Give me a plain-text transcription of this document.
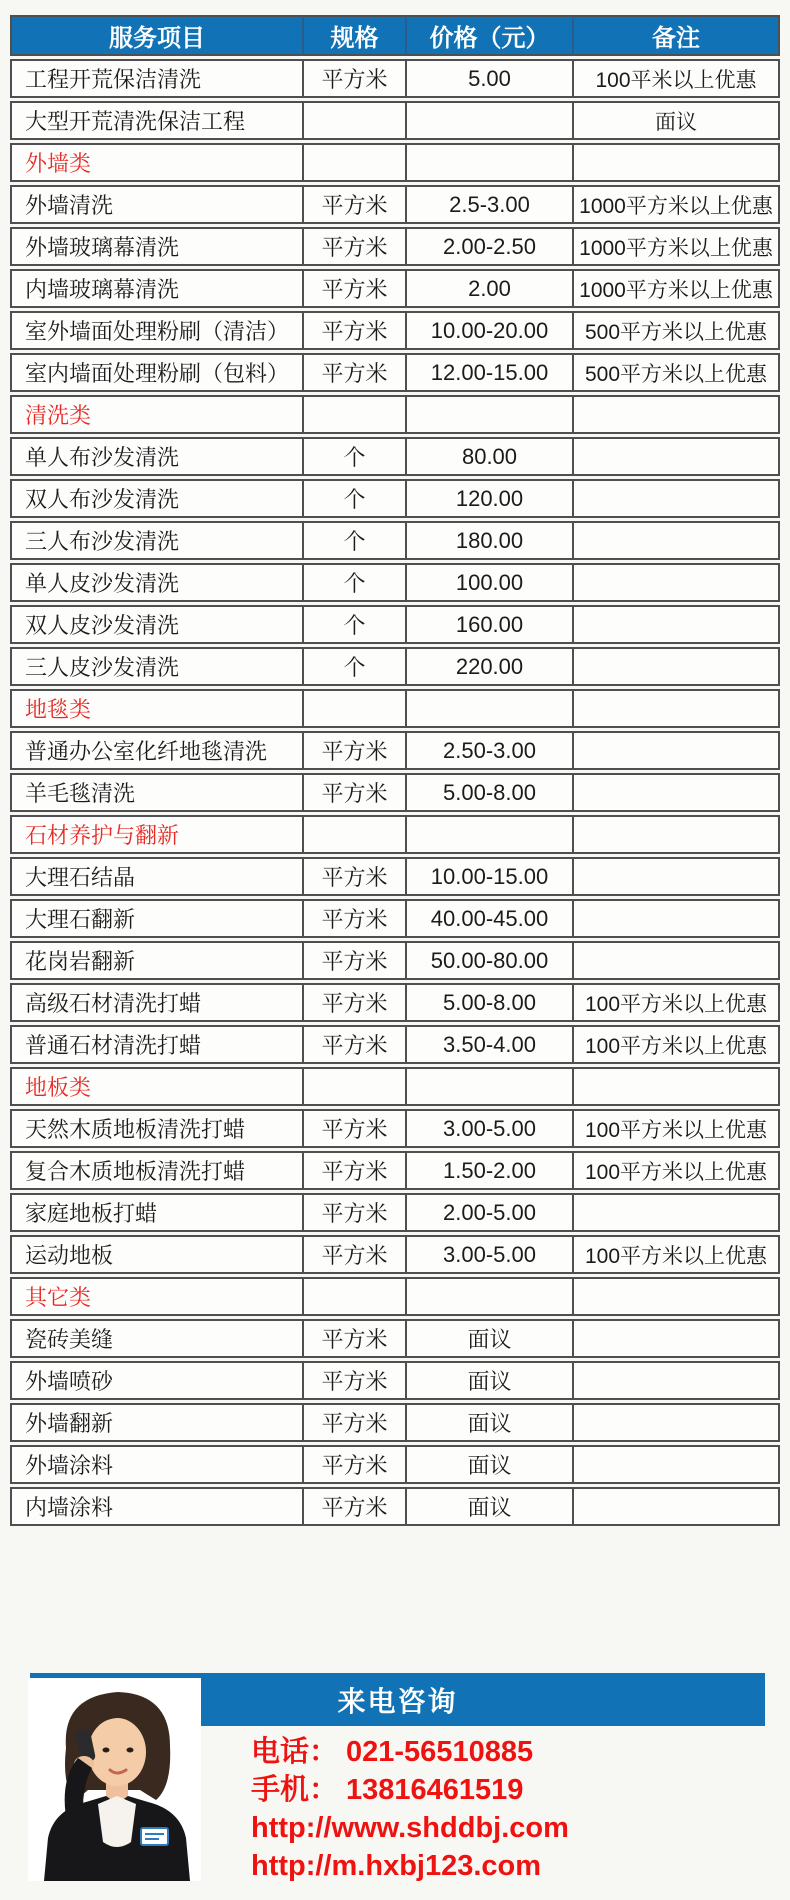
服务项目	规格	价格（元）	备注
工程开荒保洁清洗	平方米	5.00	100平米以上优惠
大型开荒清洗保洁工程			面议
外墙类			
外墙清洗	平方米	2.5-3.00	1000平方米以上优惠
外墙玻璃幕清洗	平方米	2.00-2.50	1000平方米以上优惠
内墙玻璃幕清洗	平方米	2.00	1000平方米以上优惠
室外墙面处理粉刷（清洁）	平方米	10.00-20.00	500平方米以上优惠
室内墙面处理粉刷（包料）	平方米	12.00-15.00	500平方米以上优惠
清洗类			
单人布沙发清洗	个	80.00	
双人布沙发清洗	个	120.00	
三人布沙发清洗	个	180.00	
单人皮沙发清洗	个	100.00	
双人皮沙发清洗	个	160.00	
三人皮沙发清洗	个	220.00	
地毯类			
普通办公室化纤地毯清洗	平方米	2.50-3.00	
羊毛毯清洗	平方米	5.00-8.00	
石材养护与翻新			
大理石结晶	平方米	10.00-15.00	
大理石翻新	平方米	40.00-45.00	
花岗岩翻新	平方米	50.00-80.00	
高级石材清洗打蜡	平方米	5.00-8.00	100平方米以上优惠
普通石材清洗打蜡	平方米	3.50-4.00	100平方米以上优惠
地板类			
天然木质地板清洗打蜡	平方米	3.00-5.00	100平方米以上优惠
复合木质地板清洗打蜡	平方米	1.50-2.00	100平方米以上优惠
家庭地板打蜡	平方米	2.00-5.00	
运动地板	平方米	3.00-5.00	100平方米以上优惠
其它类			
瓷砖美缝	平方米	面议	
外墙喷砂	平方米	面议	
外墙翻新	平方米	面议	
外墙涂料	平方米	面议	
内墙涂料	平方米	面议	
来电咨询
电话： 021-56510885
手机： 13816461519
http://www.shddbj.com
http://m.hxbj123.com
